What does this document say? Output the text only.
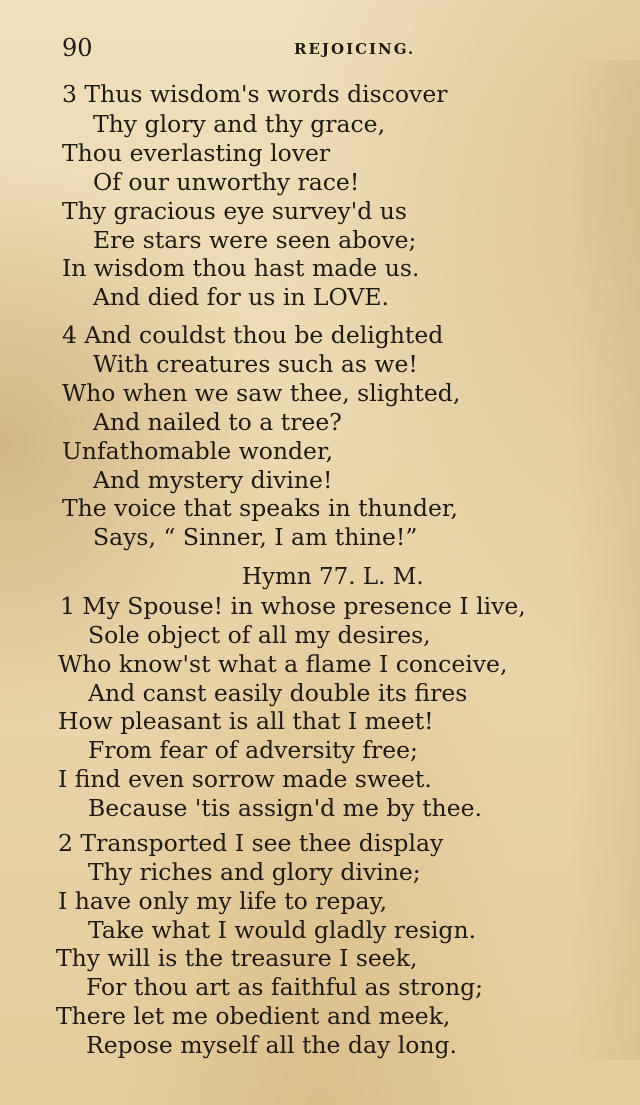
90	REJOICING.
3 Thus wisdom's words discover
Thy glory and thy grace,
Thou everlasting lover
Of our unworthy race!
Thy gracious eye survey'd us
Ere stars were seen above;
In wisdom thou hast made us.
And died for us in LOVE.
4 And couldst thou be delighted
With creatures such as we!
Who when we saw thee, slighted,
And nailed to a tree?
Unfathomable wonder,
And mystery divine!
The voice that speaks in thunder,
Says, “ Sinner, I am thine!”
Hymn 77. L. M.
1 My Spouse! in whose presence I live,
Sole object of all my desires,
Who know'st what a flame I conceive,
And canst easily double its fires
How pleasant is all that I meet!
From fear of adversity free;
I find even sorrow made sweet.
Because 'tis assign'd me by thee.
2 Transported I see thee display
Thy riches and glory divine;
I have only my life to repay,
Take what I would gladly resign.
Thy will is the treasure I seek,
For thou art as faithful as strong;
There let me obedient and meek,
Repose myself all the day long.
